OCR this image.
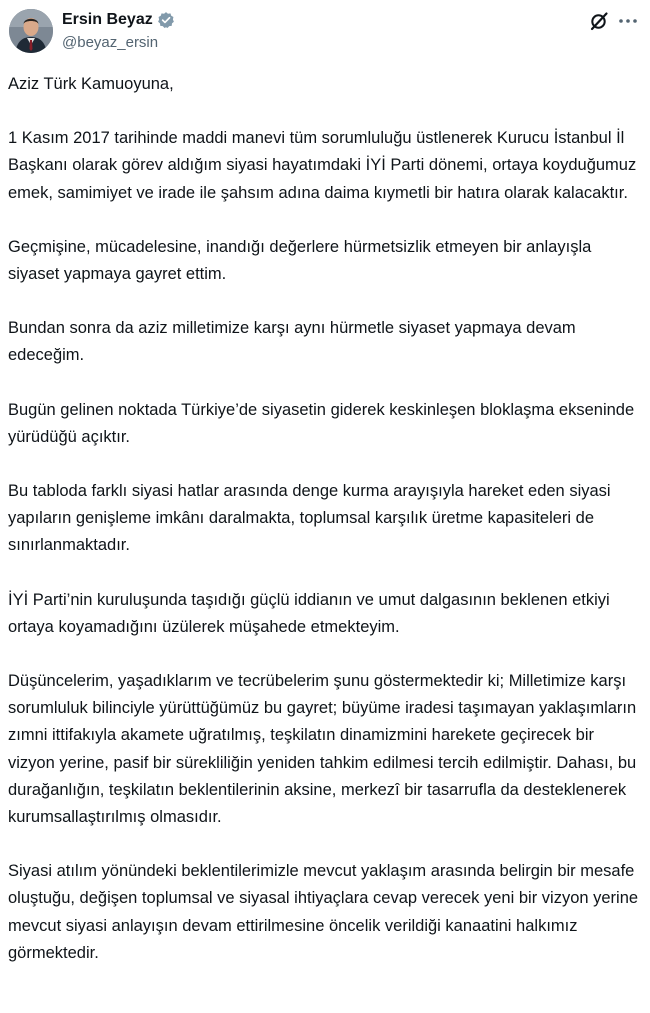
Ersin Beyaz
@beyaz_ersin

Aziz Türk Kamuoyuna,

1 Kasım 2017 tarihinde maddi manevi tüm sorumluluğu üstlenerek Kurucu İstanbul İl Başkanı olarak görev aldığım siyasi hayatımdaki İYİ Parti dönemi, ortaya koyduğumuz emek, samimiyet ve irade ile şahsım adına daima kıymetli bir hatıra olarak kalacaktır.

Geçmişine, mücadelesine, inandığı değerlere hürmetsizlik etmeyen bir anlayışla siyaset yapmaya gayret ettim.

Bundan sonra da aziz milletimize karşı aynı hürmetle siyaset yapmaya devam edeceğim.

Bugün gelinen noktada Türkiye’de siyasetin giderek keskinleşen bloklaşma ekseninde yürüdüğü açıktır.

Bu tabloda farklı siyasi hatlar arasında denge kurma arayışıyla hareket eden siyasi yapıların genişleme imkânı daralmakta, toplumsal karşılık üretme kapasiteleri de sınırlanmaktadır.

İYİ Parti’nin kuruluşunda taşıdığı güçlü iddianın ve umut dalgasının beklenen etkiyi ortaya koyamadığını üzülerek müşahede etmekteyim.

Düşüncelerim, yaşadıklarım ve tecrübelerim şunu göstermektedir ki; Milletimize karşı sorumluluk bilinciyle yürüttüğümüz bu gayret; büyüme iradesi taşımayan yaklaşımların zımni ittifakıyla akamete uğratılmış, teşkilatın dinamizmini harekete geçirecek bir vizyon yerine, pasif bir sürekliliğin yeniden tahkim edilmesi tercih edilmiştir. Dahası, bu durağanlığın, teşkilatın beklentilerinin aksine, merkezî bir tasarrufla da desteklenerek kurumsallaştırılmış olmasıdır.

Siyasi atılım yönündeki beklentilerimizle mevcut yaklaşım arasında belirgin bir mesafe oluştuğu, değişen toplumsal ve siyasal ihtiyaçlara cevap verecek yeni bir vizyon yerine mevcut siyasi anlayışın devam ettirilmesine öncelik verildiği kanaatini halkımız görmektedir.
